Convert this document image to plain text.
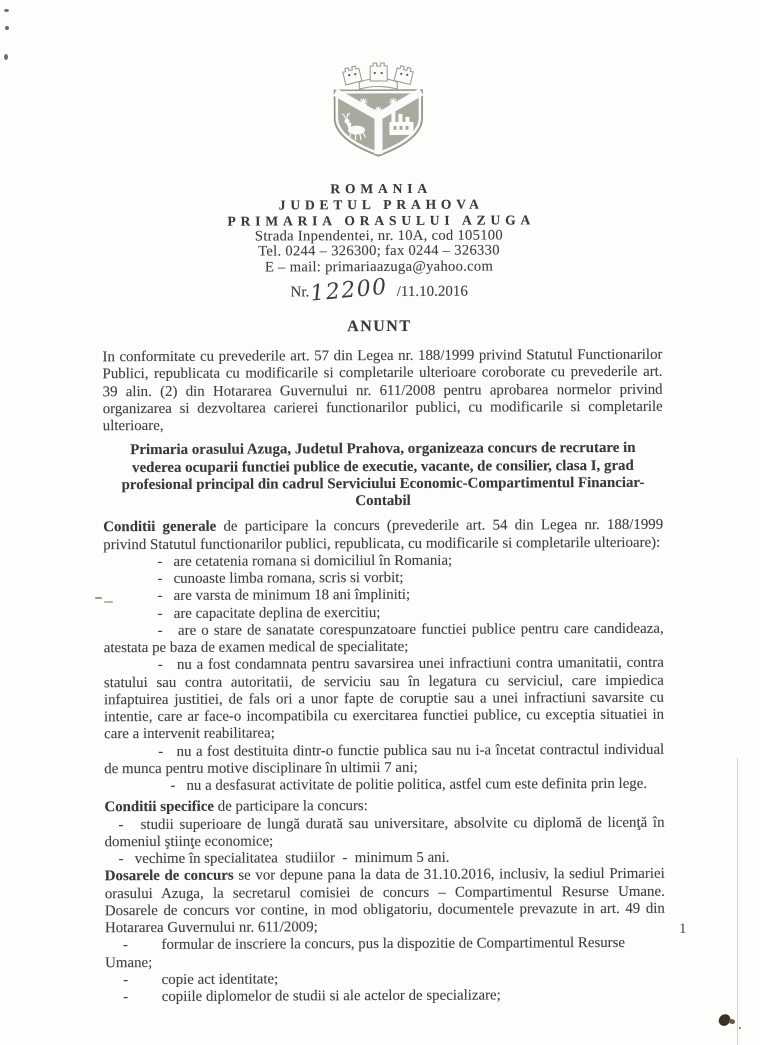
ROMANIA
JUDETUL PRAHOVA
PRIMARIA ORASULUI AZUGA
Strada Inpendentei, nr. 10A, cod 105100
Tel. 0244 – 326300; fax 0244 – 326330
E – mail: primariaazuga@yahoo.com
Nr.12200 /11.10.2016
ANUNT
In conformitate cu prevederile art. 57 din Legea nr. 188/1999 privind Statutul Functionarilor Publici, republicata cu modificarile si completarile ulterioare coroborate cu prevederile art. 39 alin. (2) din Hotararea Guvernului nr. 611/2008 pentru aprobarea normelor privind organizarea si dezvoltarea carierei functionarilor publici, cu modificarile si completarile ulterioare,
Primaria orasului Azuga, Judetul Prahova, organizeaza concurs de recrutare in vederea ocuparii functiei publice de executie, vacante, de consilier, clasa I, grad profesional principal din cadrul Serviciului Economic-Compartimentul Financiar-Contabil
Conditii generale de participare la concurs (prevederile art. 54 din Legea nr. 188/1999 privind Statutul functionarilor publici, republicata, cu modificarile si completarile ulterioare):
-   are cetatenia romana si domiciliul în Romania;
-   cunoaste limba romana, scris si vorbit;
-   are varsta de minimum 18 ani împliniti;
-   are capacitate deplina de exercitiu;
-   are o stare de sanatate corespunzatoare functiei publice pentru care candideaza, atestata pe baza de examen medical de specialitate;
-   nu a fost condamnata pentru savarsirea unei infractiuni contra umanitatii, contra statului sau contra autoritatii, de serviciu sau în legatura cu serviciul, care impiedica infaptuirea justitiei, de fals ori a unor fapte de coruptie sau a unei infractiuni savarsite cu intentie, care ar face-o incompatibila cu exercitarea functiei publice, cu exceptia situatiei in care a intervenit reabilitarea;
-   nu a fost destituita dintr-o functie publica sau nu i-a încetat contractul individual de munca pentru motive disciplinare în ultimii 7 ani;
-   nu a desfasurat activitate de politie politica, astfel cum este definita prin lege.
Conditii specifice de participare la concurs:
-   studii superioare de lungă durată sau universitare, absolvite cu diplomă de licenţă în domeniul ştiinţe economice;
-   vechime în specialitatea  studiilor  -  minimum 5 ani.
Dosarele de concurs se vor depune pana la data de 31.10.2016, inclusiv, la sediul Primariei orasului Azuga, la secretarul comisiei de concurs – Compartimentul Resurse Umane. Dosarele de concurs vor contine, in mod obligatoriu, documentele prevazute in art. 49 din Hotararea Guvernului nr. 611/2009;
-         formular de inscriere la concurs, pus la dispozitie de Compartimentul Resurse Umane;
-         copie act identitate;
-         copiile diplomelor de studii si ale actelor de specializare;
1
